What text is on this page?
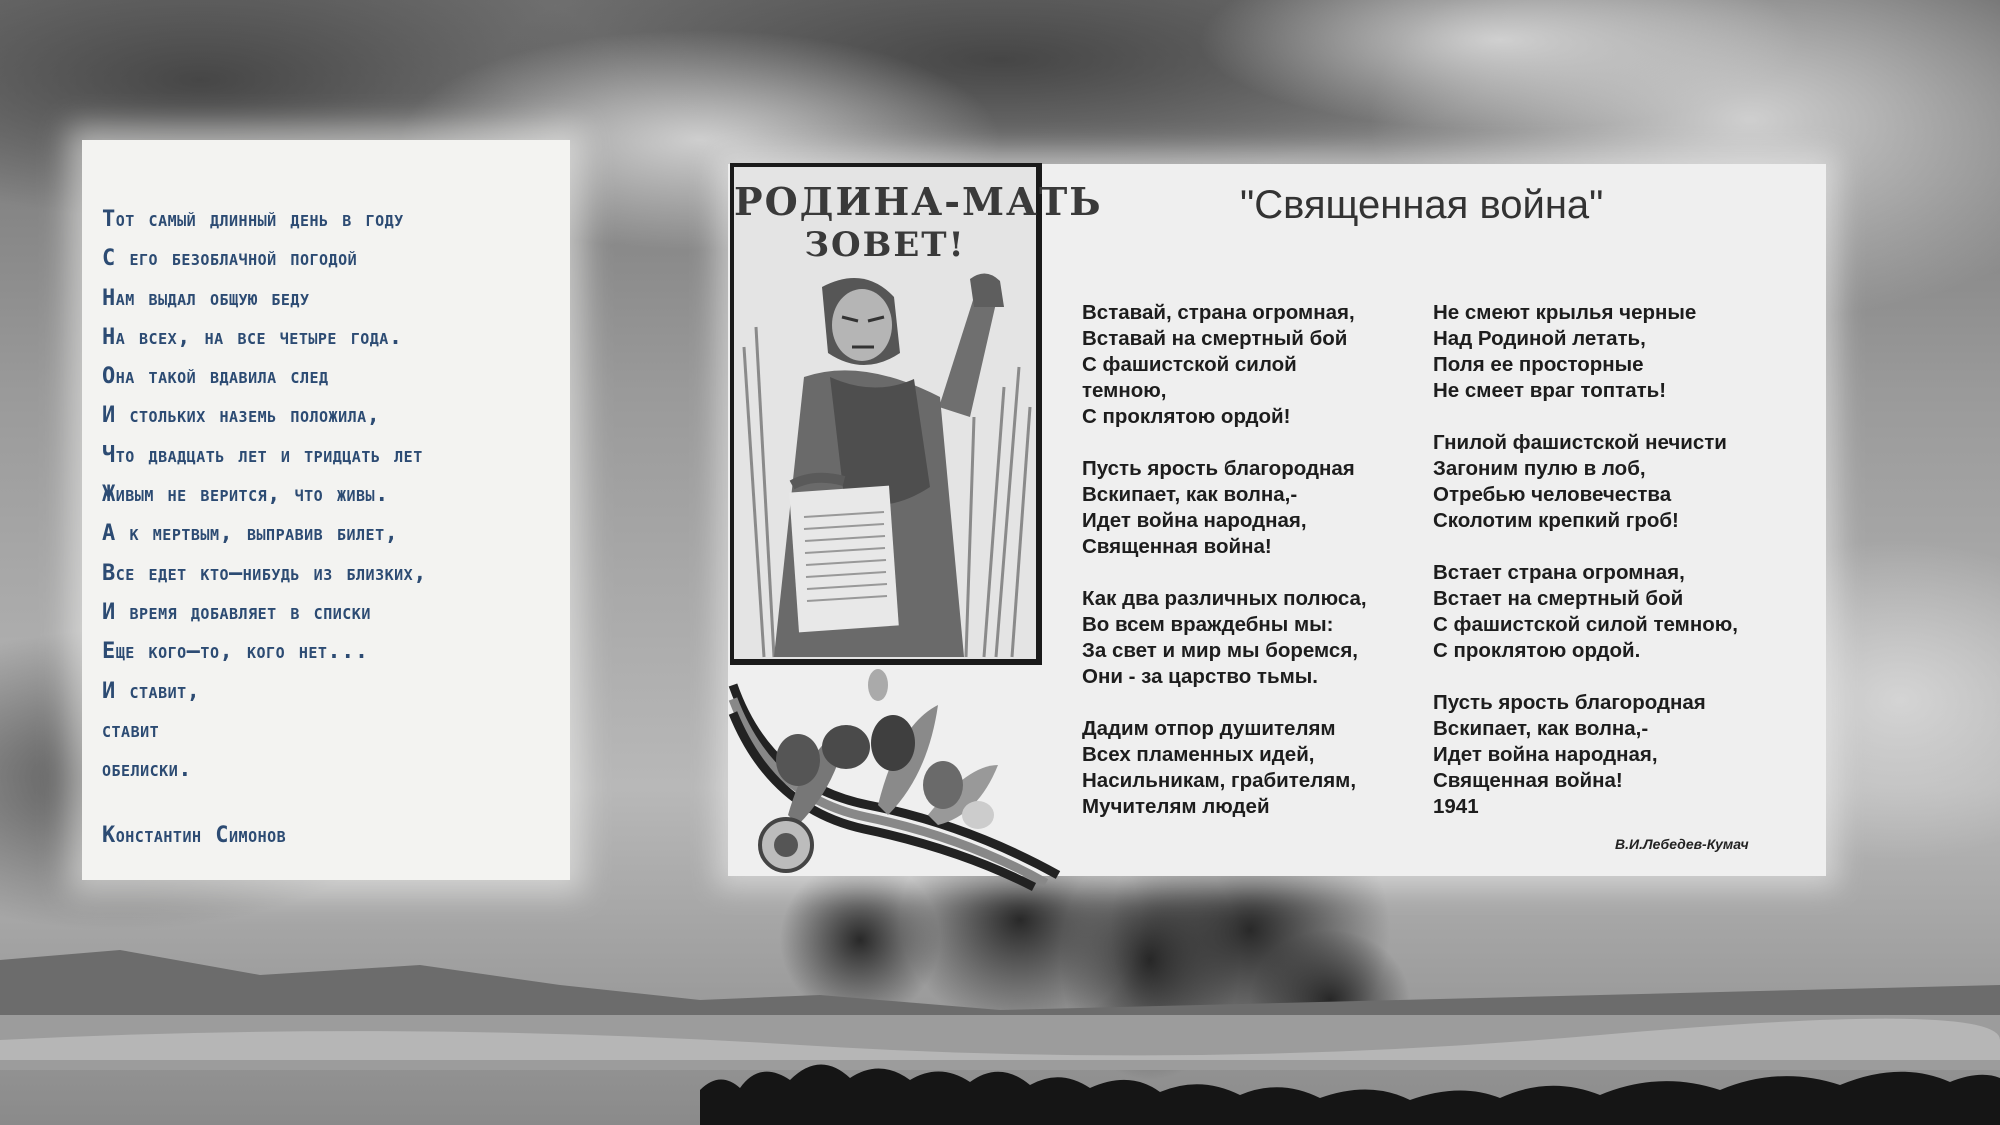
Тот самый длинный день в году
С его безоблачной погодой
Нам выдал общую беду
На всех, на все четыре года.
Она такой вдавила след
И стольких наземь положила,
Что двадцать лет и тридцать лет
Живым не верится, что живы.
А к мертвым, выправив билет,
Все едет кто–нибудь из близких,
И время добавляет в списки
Еще кого–то, кого нет...
И ставит,
ставит
обелиски.
Константин Симонов
РОДИНА-МАТЬ
ЗОВЕТ!
"Священная война"
Вставай, страна огромная,
Вставай на смертный бой
С фашистской силой
темною,
С проклятою ордой!
Пусть ярость благородная
Вскипает, как волна,-
Идет война народная,
Священная война!
Как два различных полюса,
Во всем враждебны мы:
За свет и мир мы боремся,
Они - за царство тьмы.
Дадим отпор душителям
Всех пламенных идей,
Насильникам, грабителям,
Мучителям людей
Не смеют крылья черные
Над Родиной летать,
Поля ее просторные
Не смеет враг топтать!
Гнилой фашистской нечисти
Загоним пулю в лоб,
Отребью человечества
Сколотим крепкий гроб!
Встает страна огромная,
Встает на смертный бой
С фашистской силой темною,
С проклятою ордой.
Пусть ярость благородная
Вскипает, как волна,-
Идет война народная,
Священная война!
1941
В.И.Лебедев-Кумач
